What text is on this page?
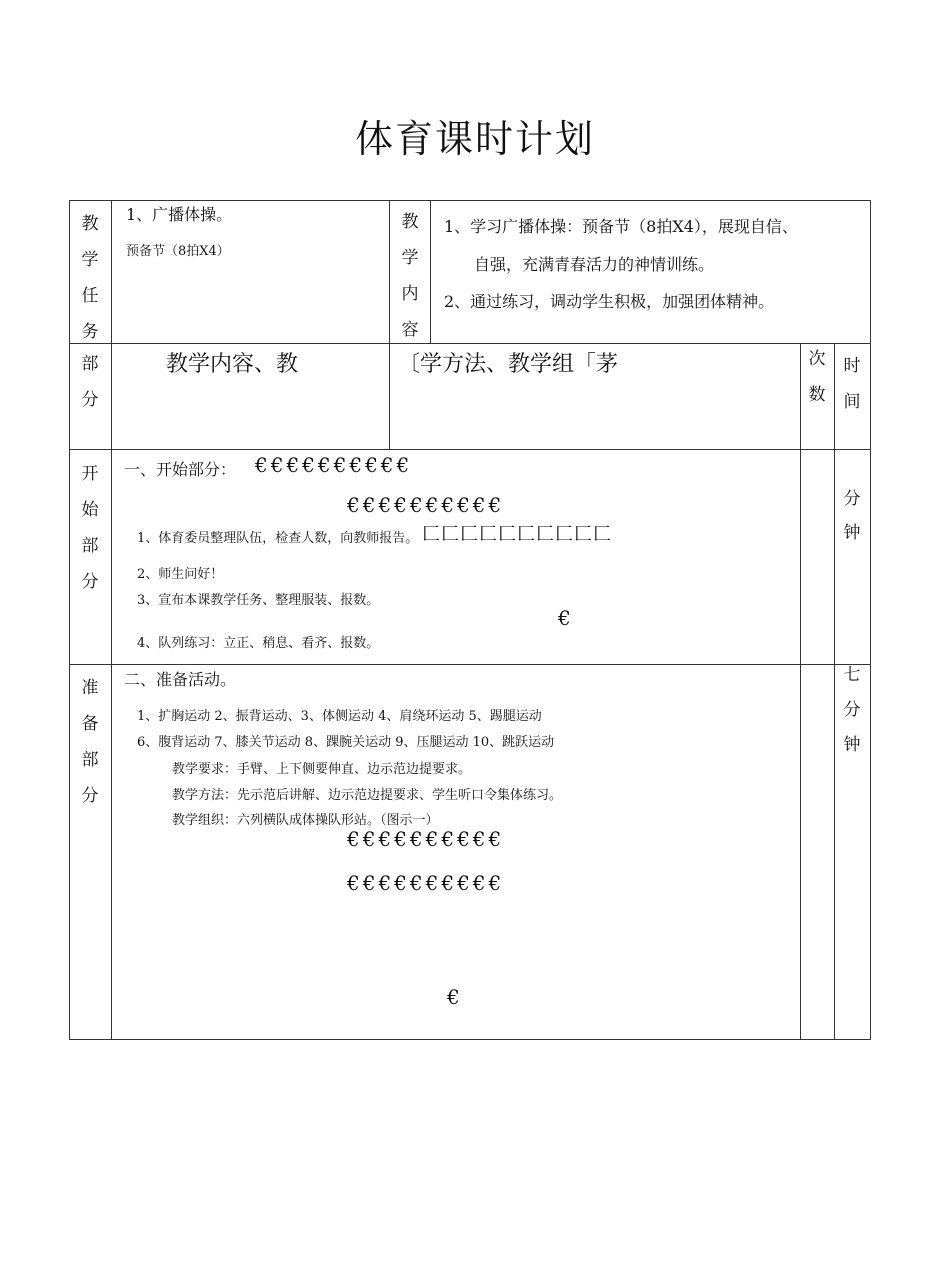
体育课时计划
教
学
任
务
1、广播体操。
预备节（8拍X4）
教
学
内
容
1、学习广播体操：预备节（8拍X4），展现自信、
自强，充满青春活力的神情训练。
2、通过练习，调动学生积极，加强团体精神。
部
分
教学内容、教	〔学方法、教学组「茅	次
数
时
间
开
始
部
分
一、开始部分： €€€€€€€€€€
€€€€€€€€€€
1、体育委员整理队伍，检查人数，向教师报告。 匚匚匚匚匚匚匚匚匚匚
2、师生问好！
3、宣布本课教学任务、整理服装、报数。
€
4、队列练习：立正、稍息、看齐、报数。
分
钟
准
备
部
分
二、准备活动。
1、扩胸运动 2、振背运动、3、体侧运动 4、肩绕环运动 5、踢腿运动
6、腹背运动 7、膝关节运动 8、踝腕关运动 9、压腿运动 10、跳跃运动
教学要求：手臂、上下侧要伸直、边示范边提要求。
教学方法：先示范后讲解、边示范边提要求、学生听口令集体练习。
教学组织：六列横队成体操队形站。（图示一）
€€€€€€€€€€
€€€€€€€€€€
€
七
分
钟
